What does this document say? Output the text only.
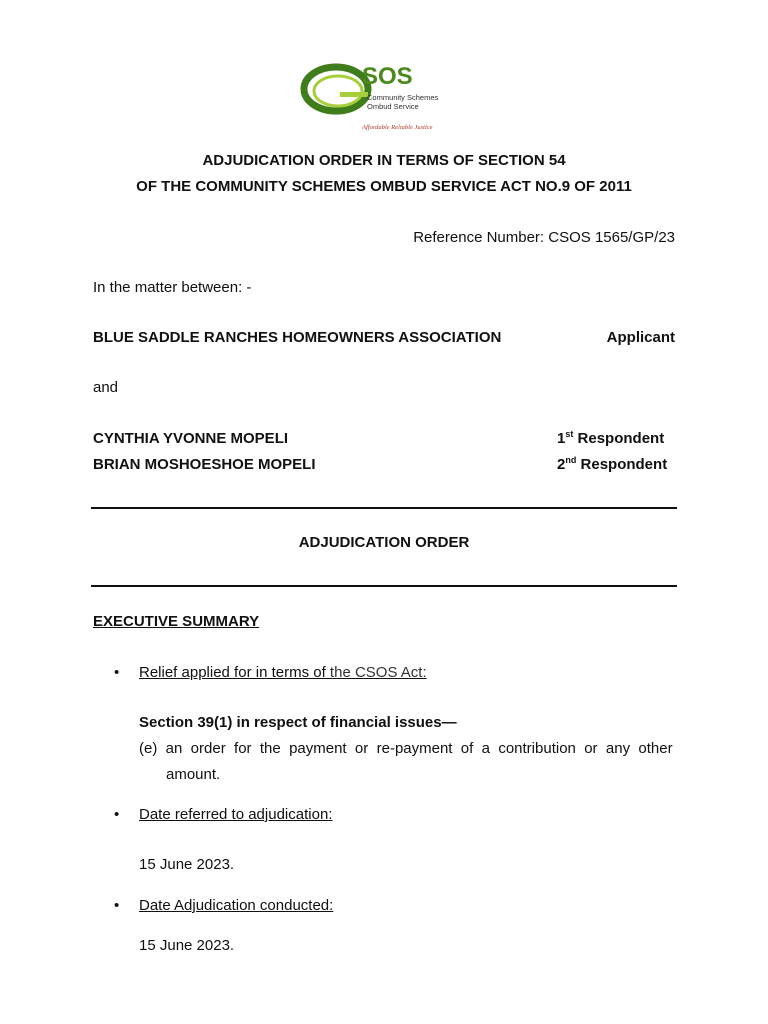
SOS
Community Schemes
Ombud Service
Affordable Reliable Justice
ADJUDICATION ORDER IN TERMS OF SECTION 54
OF THE COMMUNITY SCHEMES OMBUD SERVICE ACT NO.9 OF 2011
Reference Number: CSOS 1565/GP/23
In the matter between: -
BLUE SADDLE RANCHES HOMEOWNERS ASSOCIATION	Applicant
and
CYNTHIA YVONNE MOPELI	1st Respondent
BRIAN MOSHOESHOE MOPELI	2nd Respondent
ADJUDICATION ORDER
EXECUTIVE SUMMARY
• Relief applied for in terms of the CSOS Act:
Section 39(1) in respect of financial issues—
(e)  an  order  for  the  payment  or  re-payment  of  a  contribution  or  any  other
amount.
• Date referred to adjudication:
15 June 2023.
• Date Adjudication conducted:
15 June 2023.
